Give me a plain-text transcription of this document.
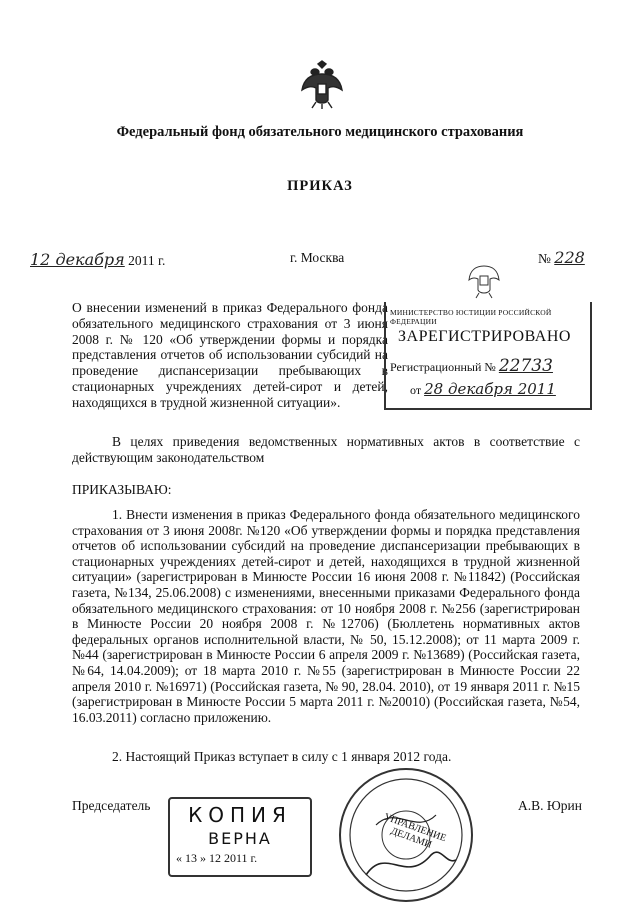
Федеральный фонд обязательного медицинского страхования
ПРИКАЗ
12 декабря 2011 г.	г. Москва	№ 228
О внесении изменений в приказ Федерального фонда обязательного медицинского страхования от 3 июня 2008 г. № 120 «Об утверждении формы и порядка представления отчетов об использовании субсидий на проведение диспансеризации пребывающих в стационарных учреждениях детей-сирот и детей, находящихся в трудной жизненной ситуации».
МИНИСТЕРСТВО ЮСТИЦИИ РОССИЙСКОЙ ФЕДЕРАЦИИ
ЗАРЕГИСТРИРОВАНО
Регистрационный № 22733
от 28 декабря 2011

В целях приведения ведомственных нормативных актов в соответствие с действующим законодательством

ПРИКАЗЫВАЮ:

1. Внести изменения в приказ Федерального фонда обязательного медицинского страхования от 3 июня 2008г. №120 «Об утверждении формы и порядка представления отчетов об использовании субсидий на проведение диспансеризации пребывающих в стационарных учреждениях детей-сирот и детей, находящихся в трудной жизненной ситуации» (зарегистрирован в Минюсте России 16 июня 2008 г. №11842) (Российская газета, №134, 25.06.2008) с изменениями, внесенными приказами Федерального фонда обязательного медицинского страхования: от 10 ноября 2008 г. №256 (зарегистрирован в Минюсте России 20 ноября 2008 г. №12706) (Бюллетень нормативных актов федеральных органов исполнительной власти, № 50, 15.12.2008); от 11 марта 2009 г. №44 (зарегистрирован в Минюсте России 6 апреля 2009 г. №13689) (Российская газета, №64, 14.04.2009); от 18 марта 2010 г. №55 (зарегистрирован в Минюсте России 22 апреля 2010 г. №16971) (Российская газета, № 90, 28.04. 2010), от 19 января 2011 г. №15 (зарегистрирован в Минюсте России 5 марта 2011 г. №20010) (Российская газета, №54, 16.03.2011) согласно приложению.

2. Настоящий Приказ вступает в силу с 1 января 2012 года.

Председатель	А.В. Юрин
КОПИЯ
ВЕРНА
« 13 » 12 2011 г.
УПРАВЛЕНИЕ ДЕЛАМИ
